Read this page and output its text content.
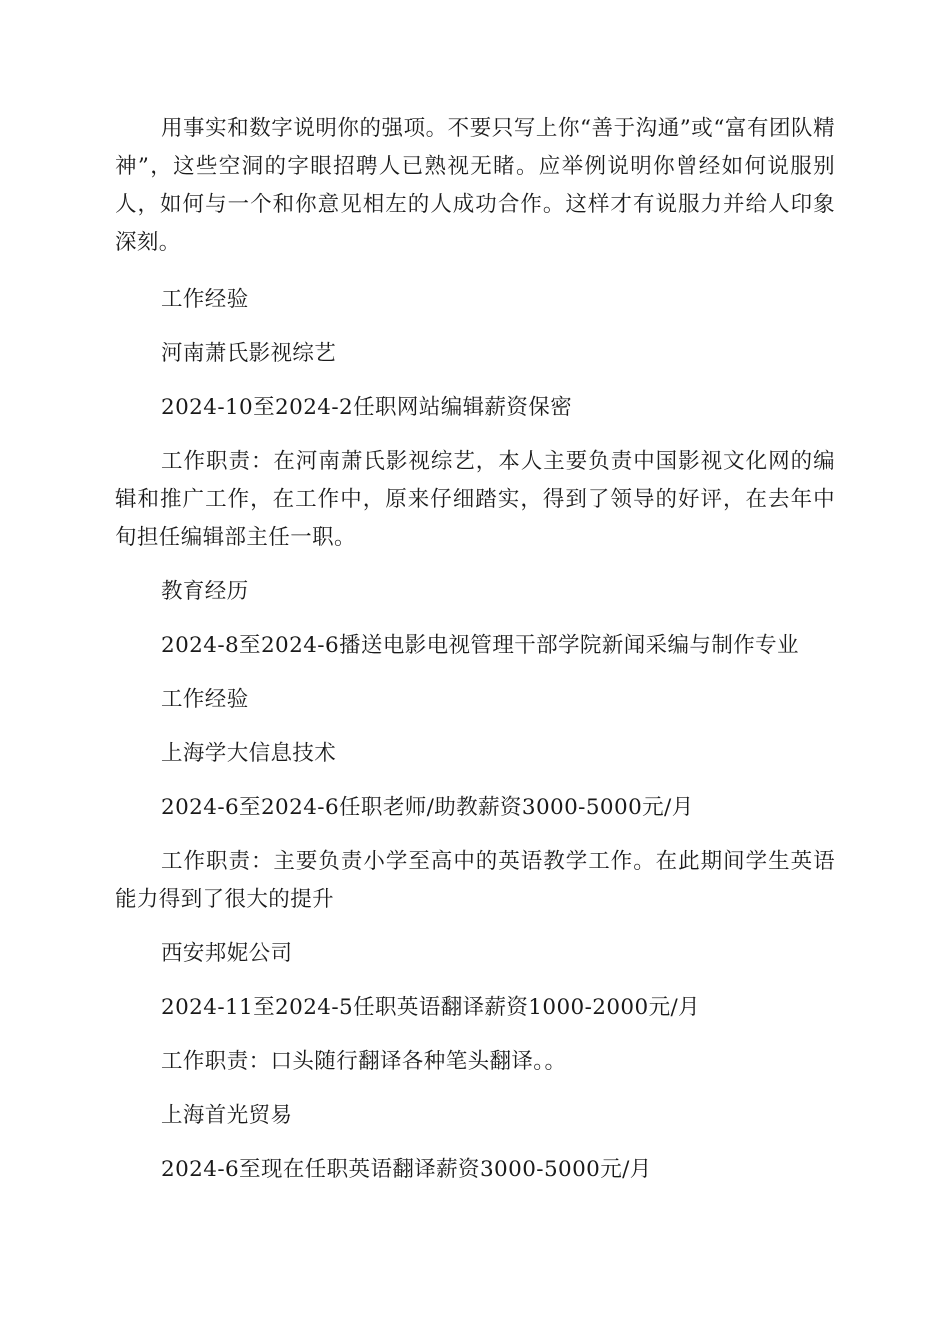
用事实和数字说明你的强项。不要只写上你“善于沟通”或“富有团队精神”，这些空洞的字眼招聘人已熟视无睹。应举例说明你曾经如何说服别人，如何与一个和你意见相左的人成功合作。这样才有说服力并给人印象深刻。

工作经验

河南萧氏影视综艺

2024-10至2024-2任职网站编辑薪资保密

工作职责：在河南萧氏影视综艺，本人主要负责中国影视文化网的编辑和推广工作，在工作中，原来仔细踏实，得到了领导的好评，在去年中旬担任编辑部主任一职。

教育经历

2024-8至2024-6播送电影电视管理干部学院新闻采编与制作专业

工作经验

上海学大信息技术

2024-6至2024-6任职老师/助教薪资3000-5000元/月

工作职责：主要负责小学至高中的英语教学工作。在此期间学生英语能力得到了很大的提升

西安邦妮公司

2024-11至2024-5任职英语翻译薪资1000-2000元/月

工作职责：口头随行翻译各种笔头翻译。。

上海首光贸易

2024-6至现在任职英语翻译薪资3000-5000元/月
